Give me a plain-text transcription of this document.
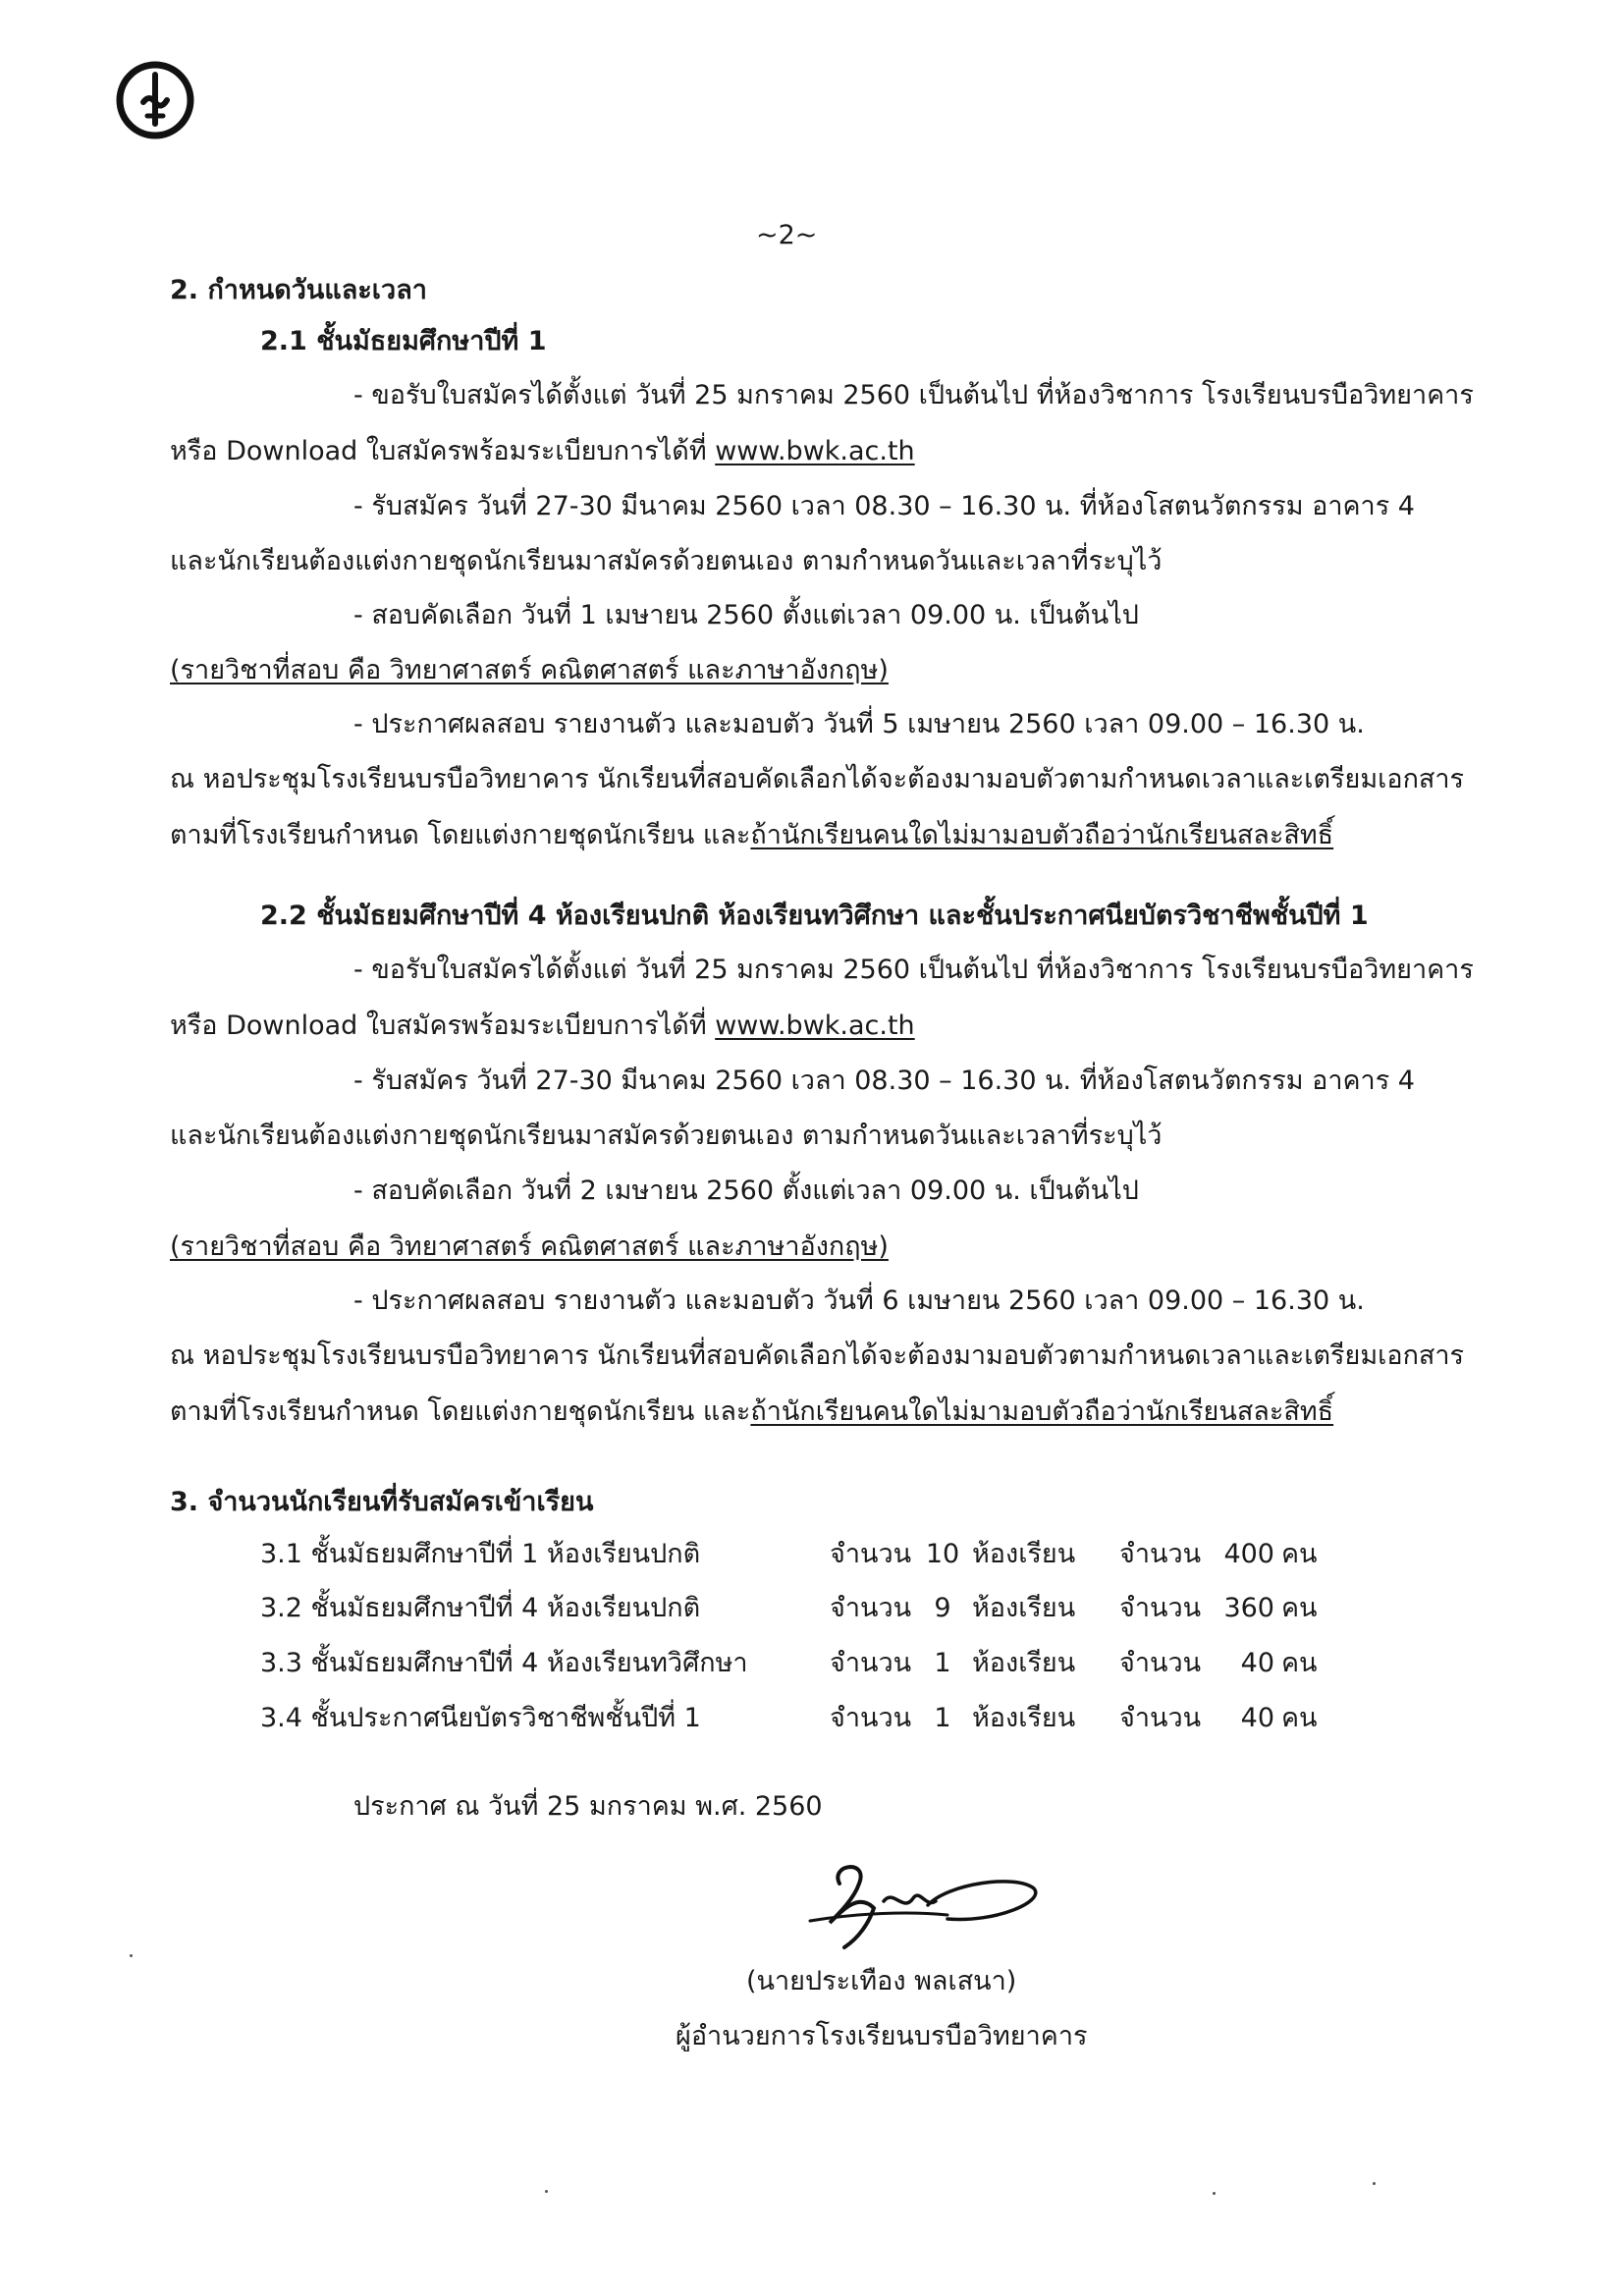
~2~
2. กำหนดวันและเวลา
2.1 ชั้นมัธยมศึกษาปีที่ 1
- ขอรับใบสมัครได้ตั้งแต่ วันที่ 25 มกราคม 2560 เป็นต้นไป ที่ห้องวิชาการ โรงเรียนบรบือวิทยาคาร
หรือ Download ใบสมัครพร้อมระเบียบการได้ที่ www.bwk.ac.th
- รับสมัคร วันที่ 27-30 มีนาคม 2560 เวลา 08.30 – 16.30 น. ที่ห้องโสตนวัตกรรม อาคาร 4
และนักเรียนต้องแต่งกายชุดนักเรียนมาสมัครด้วยตนเอง ตามกำหนดวันและเวลาที่ระบุไว้
- สอบคัดเลือก วันที่ 1 เมษายน 2560 ตั้งแต่เวลา 09.00 น. เป็นต้นไป
(รายวิชาที่สอบ คือ วิทยาศาสตร์ คณิตศาสตร์ และภาษาอังกฤษ)
- ประกาศผลสอบ รายงานตัว และมอบตัว วันที่ 5 เมษายน 2560 เวลา 09.00 – 16.30 น.
ณ หอประชุมโรงเรียนบรบือวิทยาคาร นักเรียนที่สอบคัดเลือกได้จะต้องมามอบตัวตามกำหนดเวลาและเตรียมเอกสาร
ตามที่โรงเรียนกำหนด โดยแต่งกายชุดนักเรียน และถ้านักเรียนคนใดไม่มามอบตัวถือว่านักเรียนสละสิทธิ์
2.2 ชั้นมัธยมศึกษาปีที่ 4 ห้องเรียนปกติ ห้องเรียนทวิศึกษา และชั้นประกาศนียบัตรวิชาชีพชั้นปีที่ 1
- ขอรับใบสมัครได้ตั้งแต่ วันที่ 25 มกราคม 2560 เป็นต้นไป ที่ห้องวิชาการ โรงเรียนบรบือวิทยาคาร
หรือ Download ใบสมัครพร้อมระเบียบการได้ที่ www.bwk.ac.th
- รับสมัคร วันที่ 27-30 มีนาคม 2560 เวลา 08.30 – 16.30 น. ที่ห้องโสตนวัตกรรม อาคาร 4
และนักเรียนต้องแต่งกายชุดนักเรียนมาสมัครด้วยตนเอง ตามกำหนดวันและเวลาที่ระบุไว้
- สอบคัดเลือก วันที่ 2 เมษายน 2560 ตั้งแต่เวลา 09.00 น. เป็นต้นไป
(รายวิชาที่สอบ คือ วิทยาศาสตร์ คณิตศาสตร์ และภาษาอังกฤษ)
- ประกาศผลสอบ รายงานตัว และมอบตัว วันที่ 6 เมษายน 2560 เวลา 09.00 – 16.30 น.
ณ หอประชุมโรงเรียนบรบือวิทยาคาร นักเรียนที่สอบคัดเลือกได้จะต้องมามอบตัวตามกำหนดเวลาและเตรียมเอกสาร
ตามที่โรงเรียนกำหนด โดยแต่งกายชุดนักเรียน และถ้านักเรียนคนใดไม่มามอบตัวถือว่านักเรียนสละสิทธิ์
3. จำนวนนักเรียนที่รับสมัครเข้าเรียน
3.1 ชั้นมัธยมศึกษาปีที่ 1 ห้องเรียนปกติ	จำนวน 10 ห้องเรียน จำนวน 400 คน
3.2 ชั้นมัธยมศึกษาปีที่ 4 ห้องเรียนปกติ	จำนวน 9 ห้องเรียน จำนวน 360 คน
3.3 ชั้นมัธยมศึกษาปีที่ 4 ห้องเรียนทวิศึกษา	จำนวน 1 ห้องเรียน จำนวน	40 คน
3.4 ชั้นประกาศนียบัตรวิชาชีพชั้นปีที่ 1	จำนวน 1 ห้องเรียน จำนวน	40 คน
ประกาศ ณ วันที่ 25 มกราคม พ.ศ. 2560
(นายประเทือง พลเสนา)
ผู้อำนวยการโรงเรียนบรบือวิทยาคาร
